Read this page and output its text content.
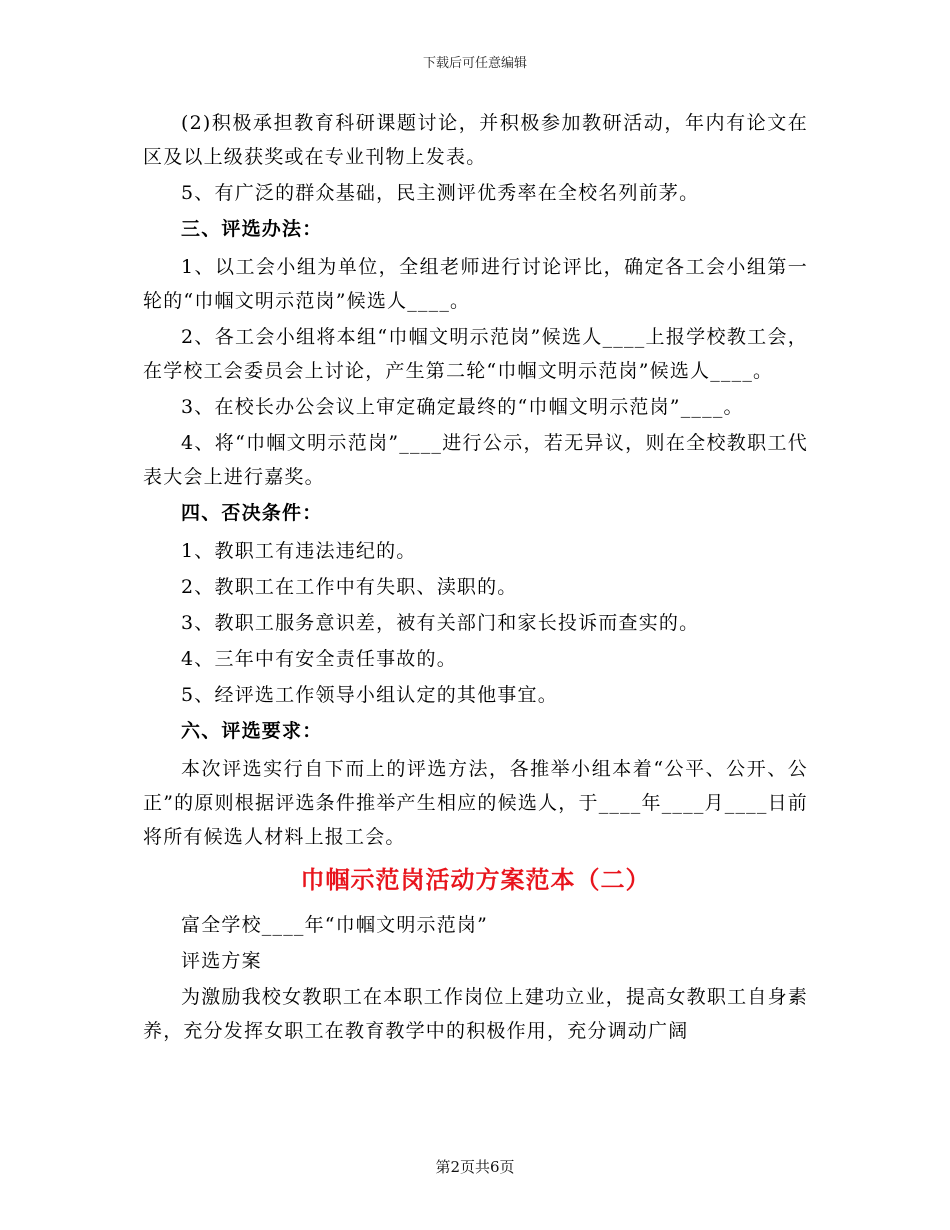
下载后可任意编辑

(2)积极承担教育科研课题讨论，并积极参加教研活动，年内有论文在区及以上级获奖或在专业刊物上发表。

5、有广泛的群众基础，民主测评优秀率在全校名列前茅。

三、评选办法：

1、以工会小组为单位，全组老师进行讨论评比，确定各工会小组第一轮的“巾帼文明示范岗”候选人____。

2、各工会小组将本组“巾帼文明示范岗”候选人____上报学校教工会，在学校工会委员会上讨论，产生第二轮“巾帼文明示范岗”候选人____。

3、在校长办公会议上审定确定最终的“巾帼文明示范岗”____。

4、将“巾帼文明示范岗”____进行公示，若无异议，则在全校教职工代表大会上进行嘉奖。

四、否决条件：

1、教职工有违法违纪的。

2、教职工在工作中有失职、渎职的。

3、教职工服务意识差，被有关部门和家长投诉而查实的。

4、三年中有安全责任事故的。

5、经评选工作领导小组认定的其他事宜。

六、评选要求：

本次评选实行自下而上的评选方法，各推举小组本着“公平、公开、公正”的原则根据评选条件推举产生相应的候选人，于____年____月____日前将所有候选人材料上报工会。

巾帼示范岗活动方案范本（二）

富全学校____年“巾帼文明示范岗”

评选方案

为激励我校女教职工在本职工作岗位上建功立业，提高女教职工自身素养，充分发挥女职工在教育教学中的积极作用，充分调动广阔

第2页共6页
